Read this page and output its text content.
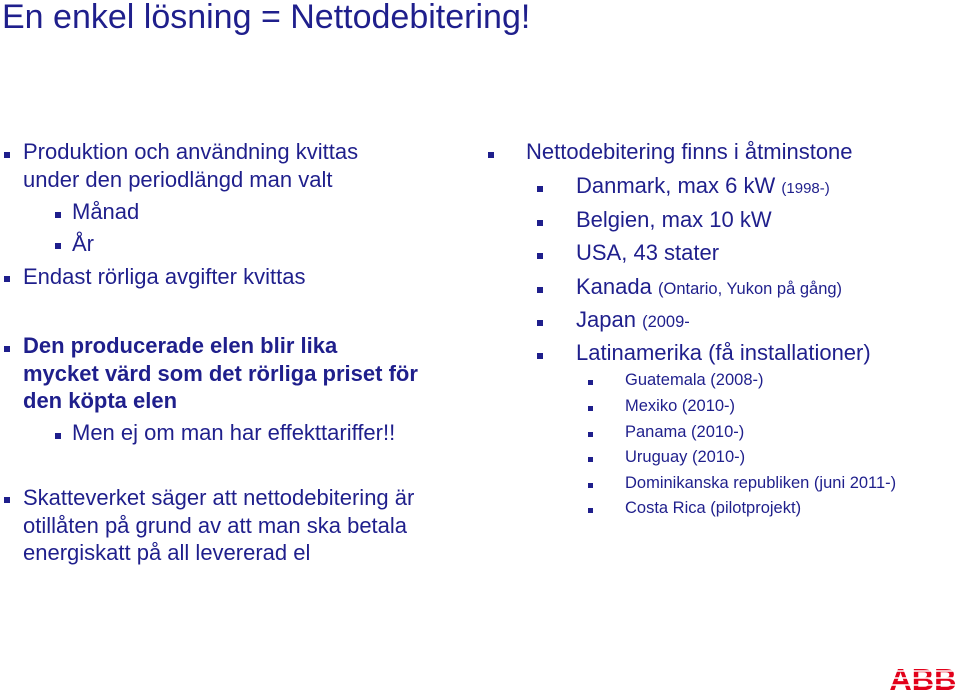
En enkel lösning = Nettodebitering!
Produktion och användning kvittas
under den periodlängd man valt
Månad
År
Endast rörliga avgifter kvittas
Den producerade elen blir lika
mycket värd som det rörliga priset för
den köpta elen
Men ej om man har effekttariffer!!
Skatteverket säger att nettodebitering är
otillåten på grund av att man ska betala
energiskatt på all levererad el
Nettodebitering finns i åtminstone
Danmark, max 6 kW (1998-)
Belgien, max 10 kW
USA, 43 stater
Kanada (Ontario, Yukon på gång)
Japan (2009-
Latinamerika (få installationer)
Guatemala (2008-)
Mexiko (2010-)
Panama (2010-)
Uruguay (2010-)
Dominikanska republiken (juni 2011-)
Costa Rica (pilotprojekt)
ABB
